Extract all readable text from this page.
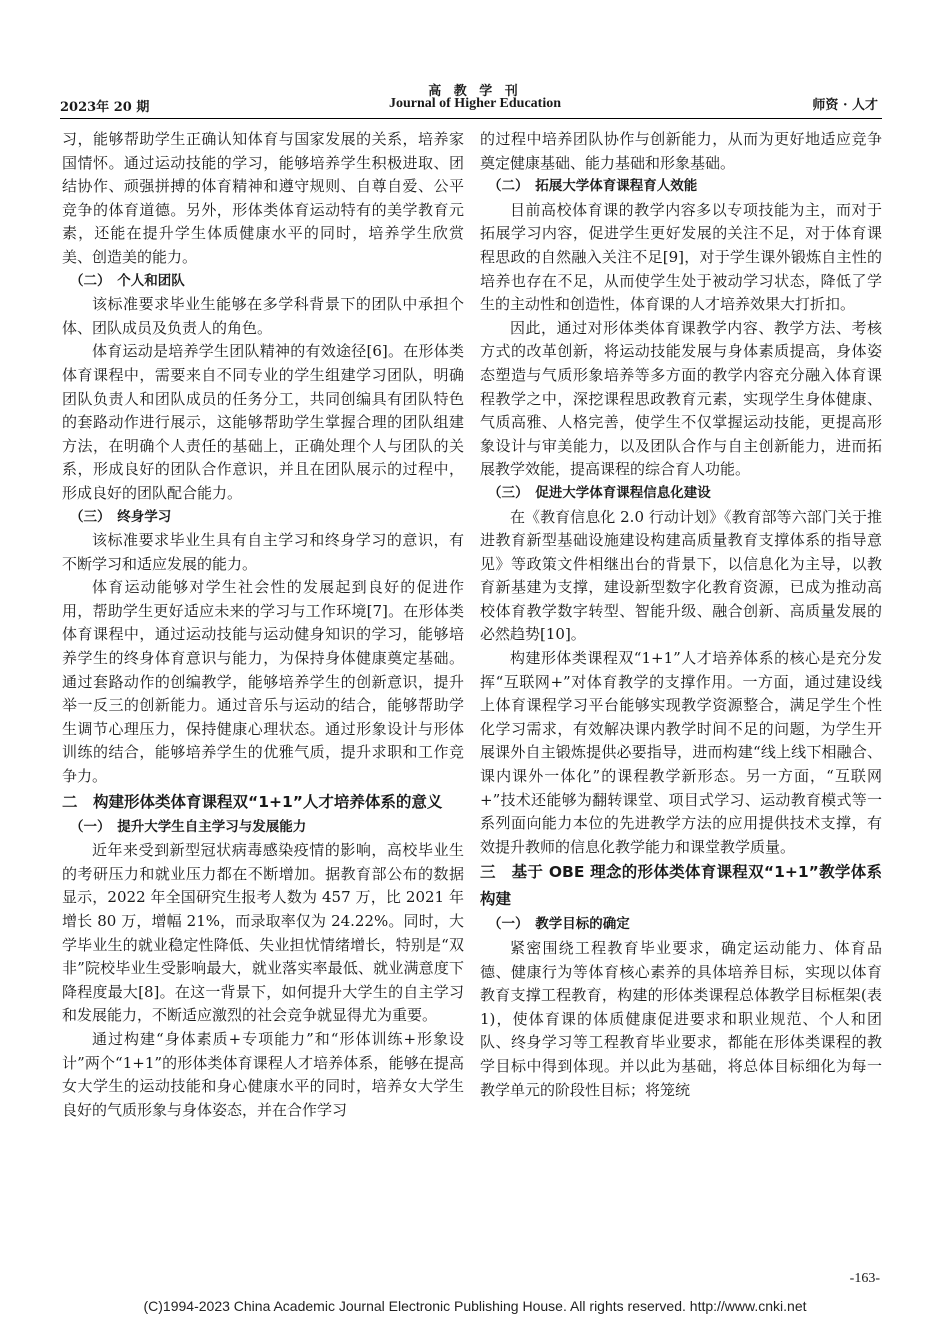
高 教 学 刊
2023年 20 期	Journal of Higher Education	师资 · 人才

习，能够帮助学生正确认知体育与国家发展的关系，培养家国情怀。通过运动技能的学习，能够培养学生积极进取、团结协作、顽强拼搏的体育精神和遵守规则、自尊自爱、公平竞争的体育道德。另外，形体类体育运动特有的美学教育元素，还能在提升学生体质健康水平的同时，培养学生欣赏美、创造美的能力。

（二）　个人和团队

该标准要求毕业生能够在多学科背景下的团队中承担个体、团队成员及负责人的角色。

体育运动是培养学生团队精神的有效途径[6]。在形体类体育课程中，需要来自不同专业的学生组建学习团队，明确团队负责人和团队成员的任务分工，共同创编具有团队特色的套路动作进行展示，这能够帮助学生掌握合理的团队组建方法，在明确个人责任的基础上，正确处理个人与团队的关系，形成良好的团队合作意识，并且在团队展示的过程中，形成良好的团队配合能力。

（三）　终身学习

该标准要求毕业生具有自主学习和终身学习的意识，有不断学习和适应发展的能力。

体育运动能够对学生社会性的发展起到良好的促进作用，帮助学生更好适应未来的学习与工作环境[7]。在形体类体育课程中，通过运动技能与运动健身知识的学习，能够培养学生的终身体育意识与能力，为保持身体健康奠定基础。通过套路动作的创编教学，能够培养学生的创新意识，提升举一反三的创新能力。通过音乐与运动的结合，能够帮助学生调节心理压力，保持健康心理状态。通过形象设计与形体训练的结合，能够培养学生的优雅气质，提升求职和工作竞争力。

二　构建形体类体育课程双“1+1”人才培养体系的意义
（一）　提升大学生自主学习与发展能力

近年来受到新型冠状病毒感染疫情的影响，高校毕业生的考研压力和就业压力都在不断增加。据教育部公布的数据显示，2022 年全国研究生报考人数为 457 万，比 2021 年增长 80 万，增幅 21%，而录取率仅为 24.22%。同时，大学毕业生的就业稳定性降低、失业担忧情绪增长，特别是“双非”院校毕业生受影响最大，就业落实率最低、就业满意度下降程度最大[8]。在这一背景下，如何提升大学生的自主学习和发展能力，不断适应激烈的社会竞争就显得尤为重要。

通过构建“身体素质+专项能力”和“形体训练+形象设计”两个“1+1”的形体类体育课程人才培养体系，能够在提高女大学生的运动技能和身心健康水平的同时，培养女大学生良好的气质形象与身体姿态，并在合作学习

的过程中培养团队协作与创新能力，从而为更好地适应竞争奠定健康基础、能力基础和形象基础。

（二）　拓展大学体育课程育人效能

目前高校体育课的教学内容多以专项技能为主，而对于拓展学习内容，促进学生更好发展的关注不足，对于体育课程思政的自然融入关注不足[9]，对于学生课外锻炼自主性的培养也存在不足，从而使学生处于被动学习状态，降低了学生的主动性和创造性，体育课的人才培养效果大打折扣。

因此，通过对形体类体育课教学内容、教学方法、考核方式的改革创新，将运动技能发展与身体素质提高，身体姿态塑造与气质形象培养等多方面的教学内容充分融入体育课程教学之中，深挖课程思政教育元素，实现学生身体健康、气质高雅、人格完善，使学生不仅掌握运动技能，更提高形象设计与审美能力，以及团队合作与自主创新能力，进而拓展教学效能，提高课程的综合育人功能。

（三）　促进大学体育课程信息化建设

在《教育信息化 2.0 行动计划》《教育部等六部门关于推进教育新型基础设施建设构建高质量教育支撑体系的指导意见》等政策文件相继出台的背景下，以信息化为主导，以教育新基建为支撑，建设新型数字化教育资源，已成为推动高校体育教学数字转型、智能升级、融合创新、高质量发展的必然趋势[10]。

构建形体类课程双“1+1”人才培养体系的核心是充分发挥“互联网+”对体育教学的支撑作用。一方面，通过建设线上体育课程学习平台能够实现教学资源整合，满足学生个性化学习需求，有效解决课内教学时间不足的问题，为学生开展课外自主锻炼提供必要指导，进而构建“线上线下相融合、课内课外一体化”的课程教学新形态。另一方面，“互联网+”技术还能够为翻转课堂、项目式学习、运动教育模式等一系列面向能力本位的先进教学方法的应用提供技术支撑，有效提升教师的信息化教学能力和课堂教学质量。

三　基于 OBE 理念的形体类体育课程双“1+1”教学体系构建
（一）　教学目标的确定

紧密围绕工程教育毕业要求，确定运动能力、体育品德、健康行为等体育核心素养的具体培养目标，实现以体育教育支撑工程教育，构建的形体类课程总体教学目标框架(表 1)，使体育课的体质健康促进要求和职业规范、个人和团队、终身学习等工程教育毕业要求，都能在形体类课程的教学目标中得到体现。并以此为基础，将总体目标细化为每一教学单元的阶段性目标；将笼统

-163-
(C)1994-2023 China Academic Journal Electronic Publishing House. All rights reserved. http://www.cnki.net
